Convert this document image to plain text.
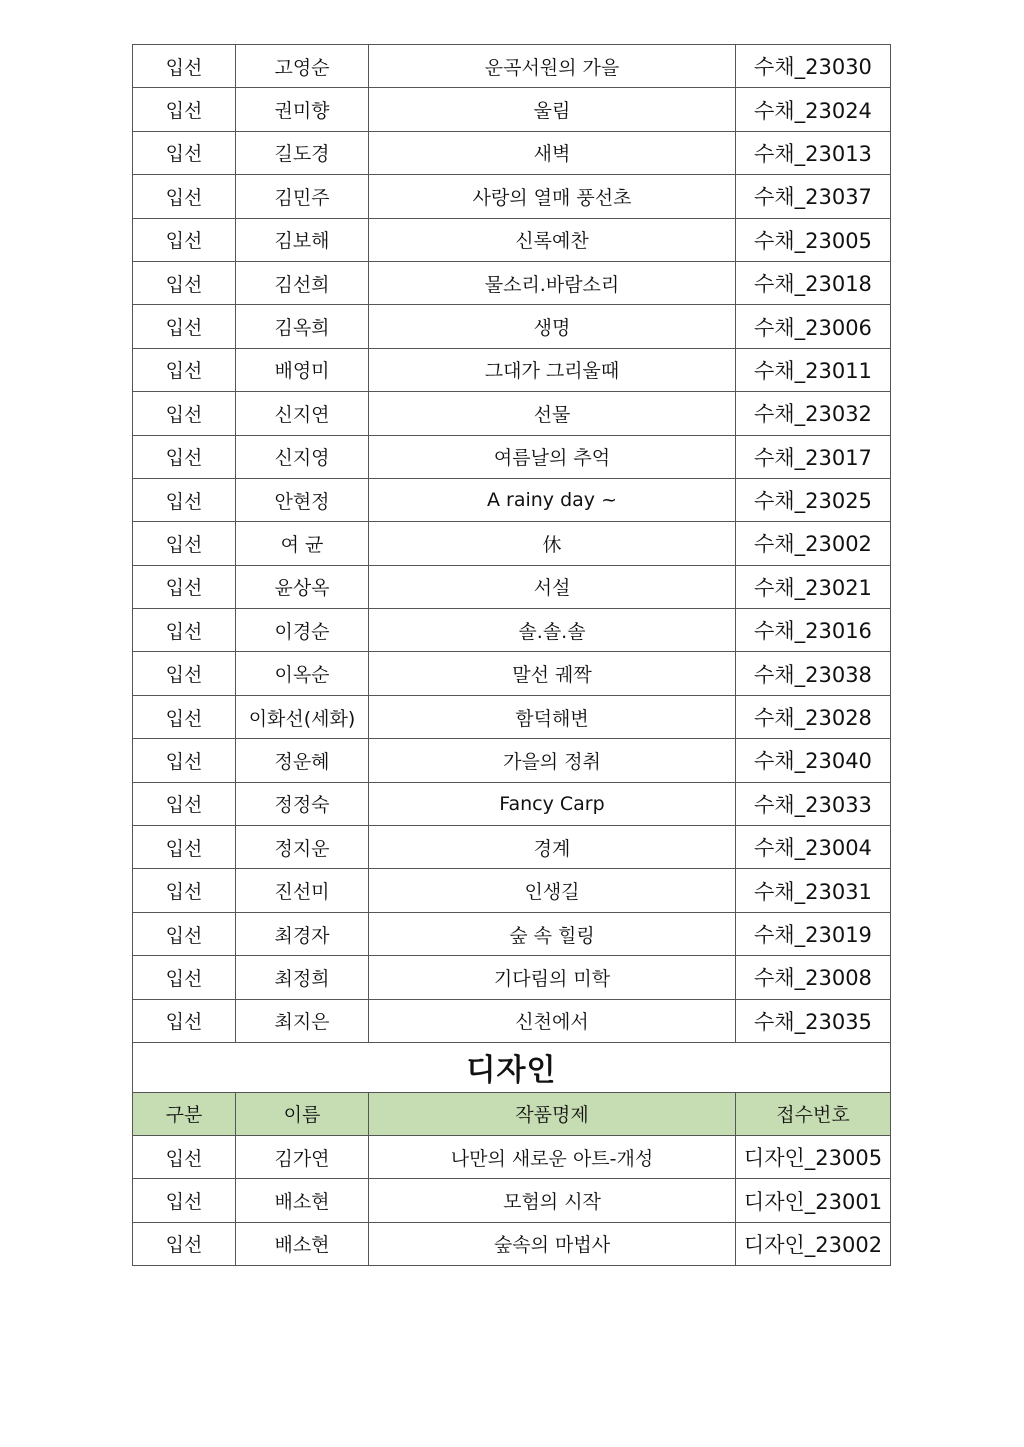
입선	고영순	운곡서원의 가을	수채_23030
입선	권미향	울림	수채_23024
입선	길도경	새벽	수채_23013
입선	김민주	사랑의 열매 풍선초	수채_23037
입선	김보해	신록예찬	수채_23005
입선	김선희	물소리.바람소리	수채_23018
입선	김옥희	생명	수채_23006
입선	배영미	그대가 그리울때	수채_23011
입선	신지연	선물	수채_23032
입선	신지영	여름날의 추억	수채_23017
입선	안현정	A rainy day ~	수채_23025
입선	여 균	休	수채_23002
입선	윤상옥	서설	수채_23021
입선	이경순	솔.솔.솔	수채_23016
입선	이옥순	말선 궤짝	수채_23038
입선	이화선(세화)	함덕해변	수채_23028
입선	정운혜	가을의 정취	수채_23040
입선	정정숙	Fancy Carp	수채_23033
입선	정지운	경계	수채_23004
입선	진선미	인생길	수채_23031
입선	최경자	숲 속 힐링	수채_23019
입선	최정희	기다림의 미학	수채_23008
입선	최지은	신천에서	수채_23035
디자인			
구분	이름	작품명제	접수번호
입선	김가연	나만의 새로운 아트-개성	디자인_23005
입선	배소현	모험의 시작	디자인_23001
입선	배소현	숲속의 마법사	디자인_23002
